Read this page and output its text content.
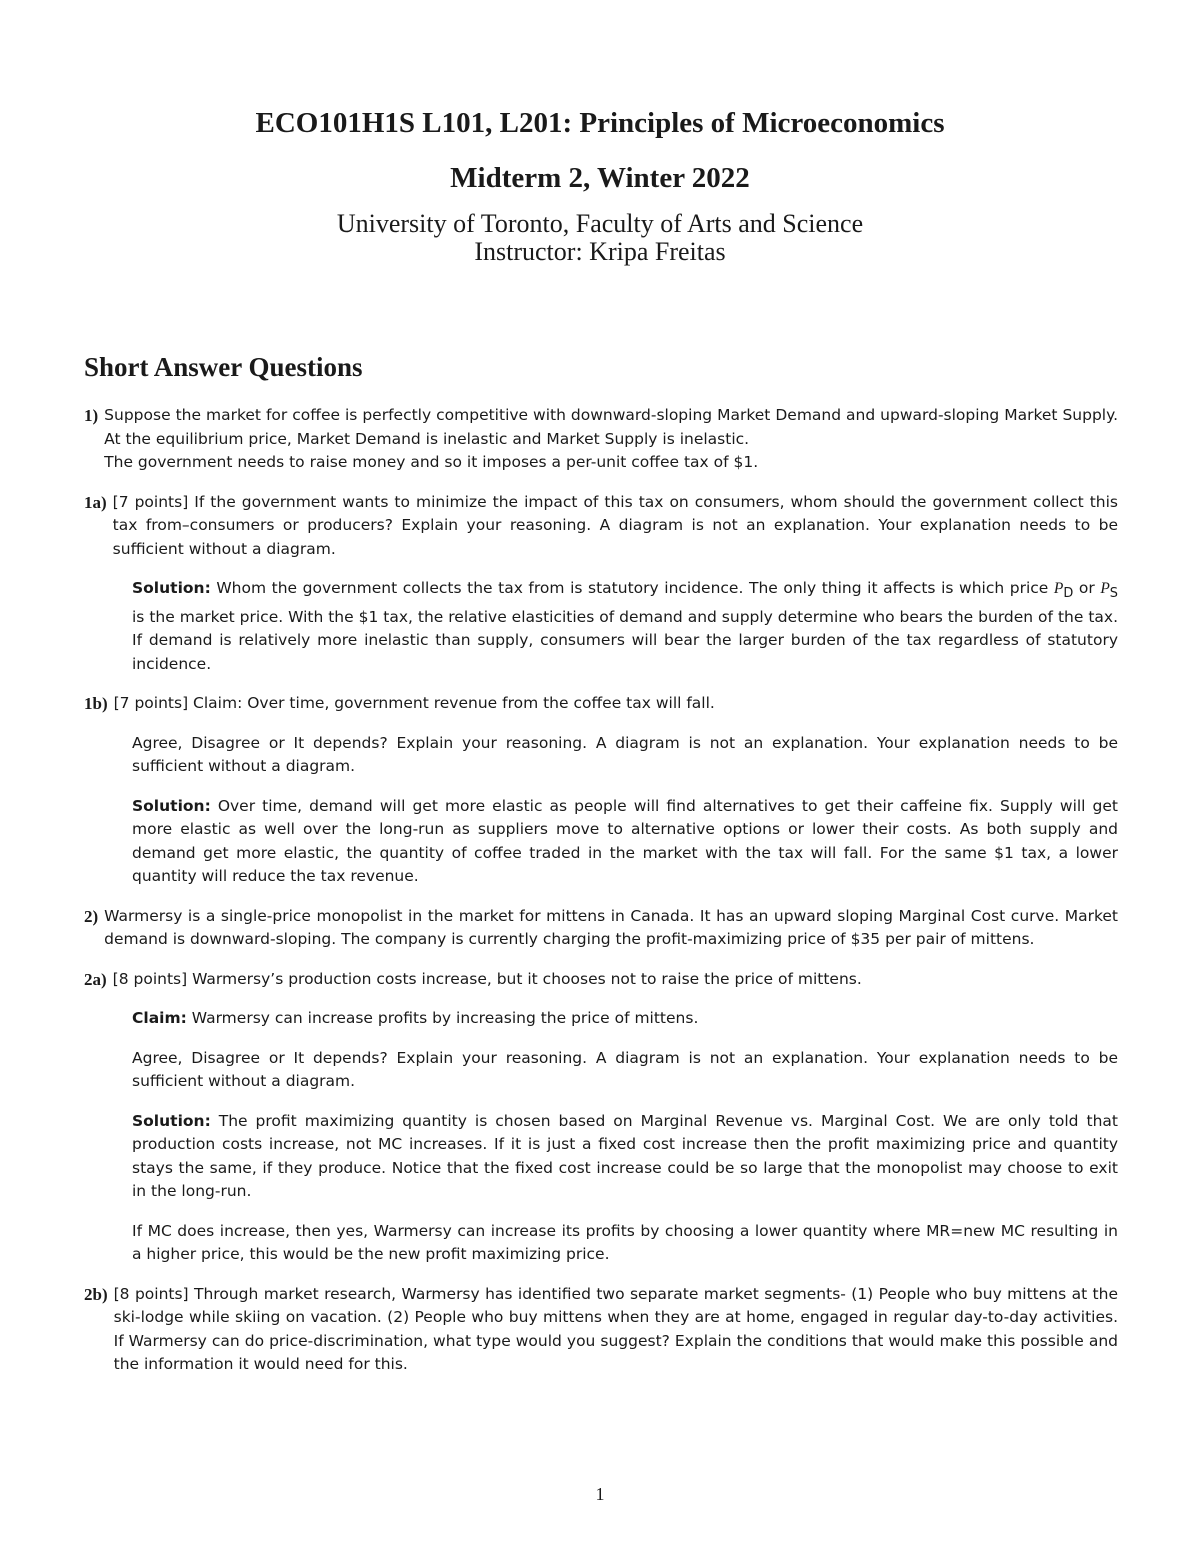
ECO101H1S L101, L201: Principles of Microeconomics
Midterm 2, Winter 2022
University of Toronto, Faculty of Arts and Science
Instructor: Kripa Freitas
Short Answer Questions
1) Suppose the market for coffee is perfectly competitive with downward-sloping Market Demand and upward-sloping Market Supply. At the equilibrium price, Market Demand is inelastic and Market Supply is inelastic.
The government needs to raise money and so it imposes a per-unit coffee tax of $1.
1a) [7 points] If the government wants to minimize the impact of this tax on consumers, whom should the government collect this tax from–consumers or producers? Explain your reasoning. A diagram is not an explanation. Your explanation needs to be sufficient without a diagram.
Solution: Whom the government collects the tax from is statutory incidence. The only thing it affects is which price $P_D$ or $P_S$ is the market price. With the $1 tax, the relative elasticities of demand and supply determine who bears the burden of the tax. If demand is relatively more inelastic than supply, consumers will bear the larger burden of the tax regardless of statutory incidence.
1b) [7 points] Claim: Over time, government revenue from the coffee tax will fall.
Agree, Disagree or It depends? Explain your reasoning. A diagram is not an explanation. Your explanation needs to be sufficient without a diagram.
Solution: Over time, demand will get more elastic as people will find alternatives to get their caffeine fix. Supply will get more elastic as well over the long-run as suppliers move to alternative options or lower their costs. As both supply and demand get more elastic, the quantity of coffee traded in the market with the tax will fall. For the same $1 tax, a lower quantity will reduce the tax revenue.
2) Warmersy is a single-price monopolist in the market for mittens in Canada. It has an upward sloping Marginal Cost curve. Market demand is downward-sloping. The company is currently charging the profit-maximizing price of $35 per pair of mittens.
2a) [8 points] Warmersy’s production costs increase, but it chooses not to raise the price of mittens.
Claim: Warmersy can increase profits by increasing the price of mittens.
Agree, Disagree or It depends? Explain your reasoning. A diagram is not an explanation. Your explanation needs to be sufficient without a diagram.
Solution: The profit maximizing quantity is chosen based on Marginal Revenue vs. Marginal Cost. We are only told that production costs increase, not MC increases. If it is just a fixed cost increase then the profit maximizing price and quantity stays the same, if they produce. Notice that the fixed cost increase could be so large that the monopolist may choose to exit in the long-run.
If MC does increase, then yes, Warmersy can increase its profits by choosing a lower quantity where MR=new MC resulting in a higher price, this would be the new profit maximizing price.
2b) [8 points] Through market research, Warmersy has identified two separate market segments- (1) People who buy mittens at the ski-lodge while skiing on vacation. (2) People who buy mittens when they are at home, engaged in regular day-to-day activities. If Warmersy can do price-discrimination, what type would you suggest? Explain the conditions that would make this possible and the information it would need for this.
1
